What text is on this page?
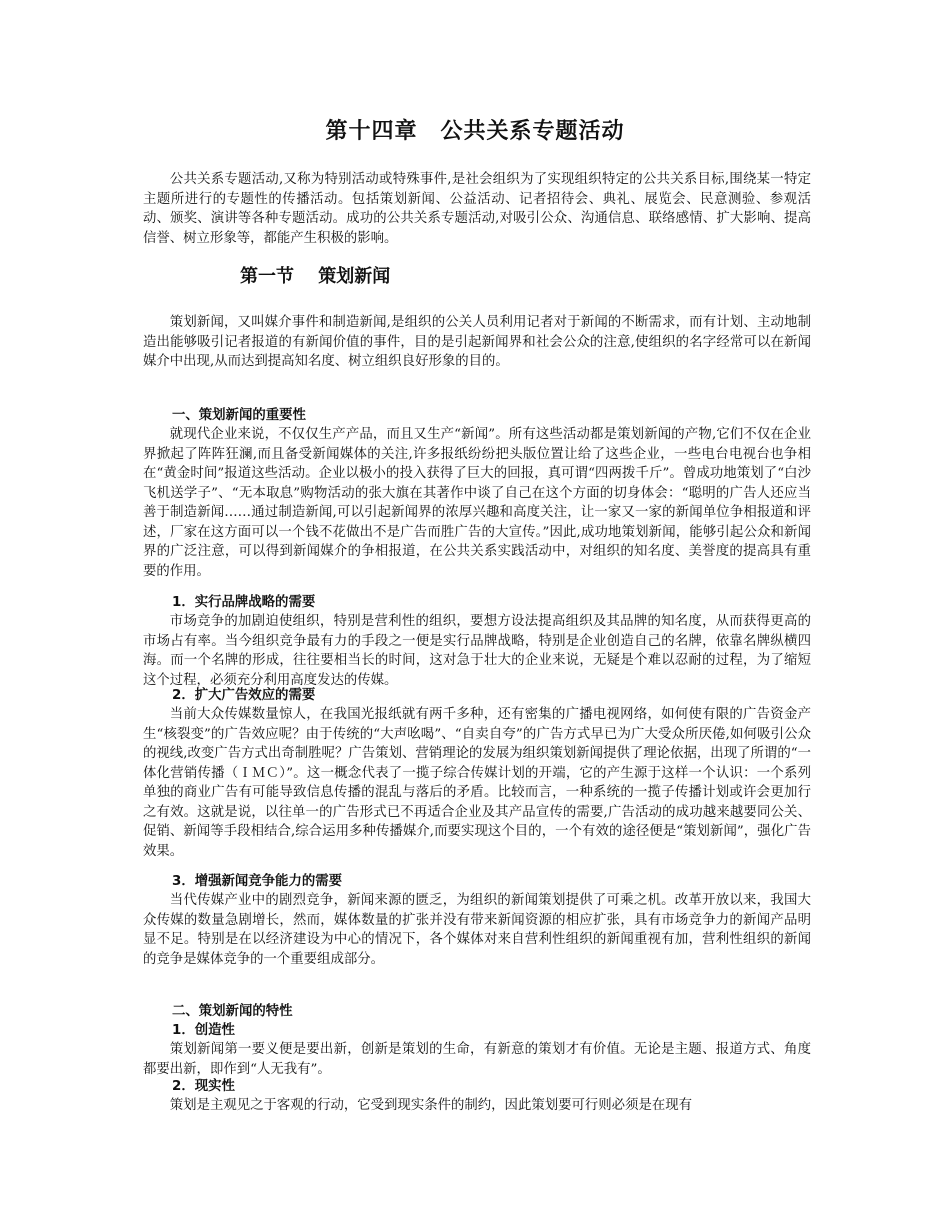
第十四章　公共关系专题活动

公共关系专题活动,又称为特别活动或特殊事件,是社会组织为了实现组织特定的公共关系目标,围绕某一特定主题所进行的专题性的传播活动。包括策划新闻、公益活动、记者招待会、典礼、展览会、民意测验、参观活动、颁奖、演讲等各种专题活动。成功的公共关系专题活动,对吸引公众、沟通信息、联络感情、扩大影响、提高信誉、树立形象等，都能产生积极的影响。

第一节　 策划新闻

策划新闻，又叫媒介事件和制造新闻,是组织的公关人员利用记者对于新闻的不断需求，而有计划、主动地制造出能够吸引记者报道的有新闻价值的事件，目的是引起新闻界和社会公众的注意,使组织的名字经常可以在新闻媒介中出现,从而达到提高知名度、树立组织良好形象的目的。

一、策划新闻的重要性

就现代企业来说，不仅仅生产产品，而且又生产“新闻”。所有这些活动都是策划新闻的产物,它们不仅在企业界掀起了阵阵狂澜,而且备受新闻媒体的关注,许多报纸纷纷把头版位置让给了这些企业，一些电台电视台也争相在“黄金时间”报道这些活动。企业以极小的投入获得了巨大的回报，真可谓“四两拨千斤”。曾成功地策划了“白沙飞机送学子”、“无本取息”购物活动的张大旗在其著作中谈了自己在这个方面的切身体会：“聪明的广告人还应当善于制造新闻……通过制造新闻,可以引起新闻界的浓厚兴趣和高度关注，让一家又一家的新闻单位争相报道和评述，厂家在这方面可以一个钱不花做出不是广告而胜广告的大宣传。”因此,成功地策划新闻，能够引起公众和新闻界的广泛注意，可以得到新闻媒介的争相报道，在公共关系实践活动中，对组织的知名度、美誉度的提高具有重要的作用。

1．实行品牌战略的需要

市场竞争的加剧迫使组织，特别是营利性的组织，要想方设法提高组织及其品牌的知名度，从而获得更高的市场占有率。当今组织竞争最有力的手段之一便是实行品牌战略，特别是企业创造自己的名牌，依靠名牌纵横四海。而一个名牌的形成，往往要相当长的时间，这对急于壮大的企业来说，无疑是个难以忍耐的过程，为了缩短这个过程，必须充分利用高度发达的传媒。

2．扩大广告效应的需要

当前大众传媒数量惊人，在我国光报纸就有两千多种，还有密集的广播电视网络，如何使有限的广告资金产生“核裂变”的广告效应呢？由于传统的“大声吆喝”、“自卖自夸”的广告方式早已为广大受众所厌倦,如何吸引公众的视线,改变广告方式出奇制胜呢？广告策划、营销理论的发展为组织策划新闻提供了理论依据，出现了所谓的“一体化营销传播（ＩＭＣ）”。这一概念代表了一揽子综合传媒计划的开端，它的产生源于这样一个认识：一个系列单独的商业广告有可能导致信息传播的混乱与落后的矛盾。比较而言，一种系统的一揽子传播计划或许会更加行之有效。这就是说，以往单一的广告形式已不再适合企业及其产品宣传的需要,广告活动的成功越来越要同公关、促销、新闻等手段相结合,综合运用多种传播媒介,而要实现这个目的，一个有效的途径便是“策划新闻”，强化广告效果。

3．增强新闻竞争能力的需要

当代传媒产业中的剧烈竞争，新闻来源的匮乏，为组织的新闻策划提供了可乘之机。改革开放以来，我国大众传媒的数量急剧增长，然而，媒体数量的扩张并没有带来新闻资源的相应扩张，具有市场竞争力的新闻产品明显不足。特别是在以经济建设为中心的情况下，各个媒体对来自营利性组织的新闻重视有加，营利性组织的新闻的竞争是媒体竞争的一个重要组成部分。

二、策划新闻的特性

1．创造性

策划新闻第一要义便是要出新，创新是策划的生命，有新意的策划才有价值。无论是主题、报道方式、角度都要出新，即作到“人无我有”。

2．现实性

策划是主观见之于客观的行动，它受到现实条件的制约，因此策划要可行则必须是在现有
